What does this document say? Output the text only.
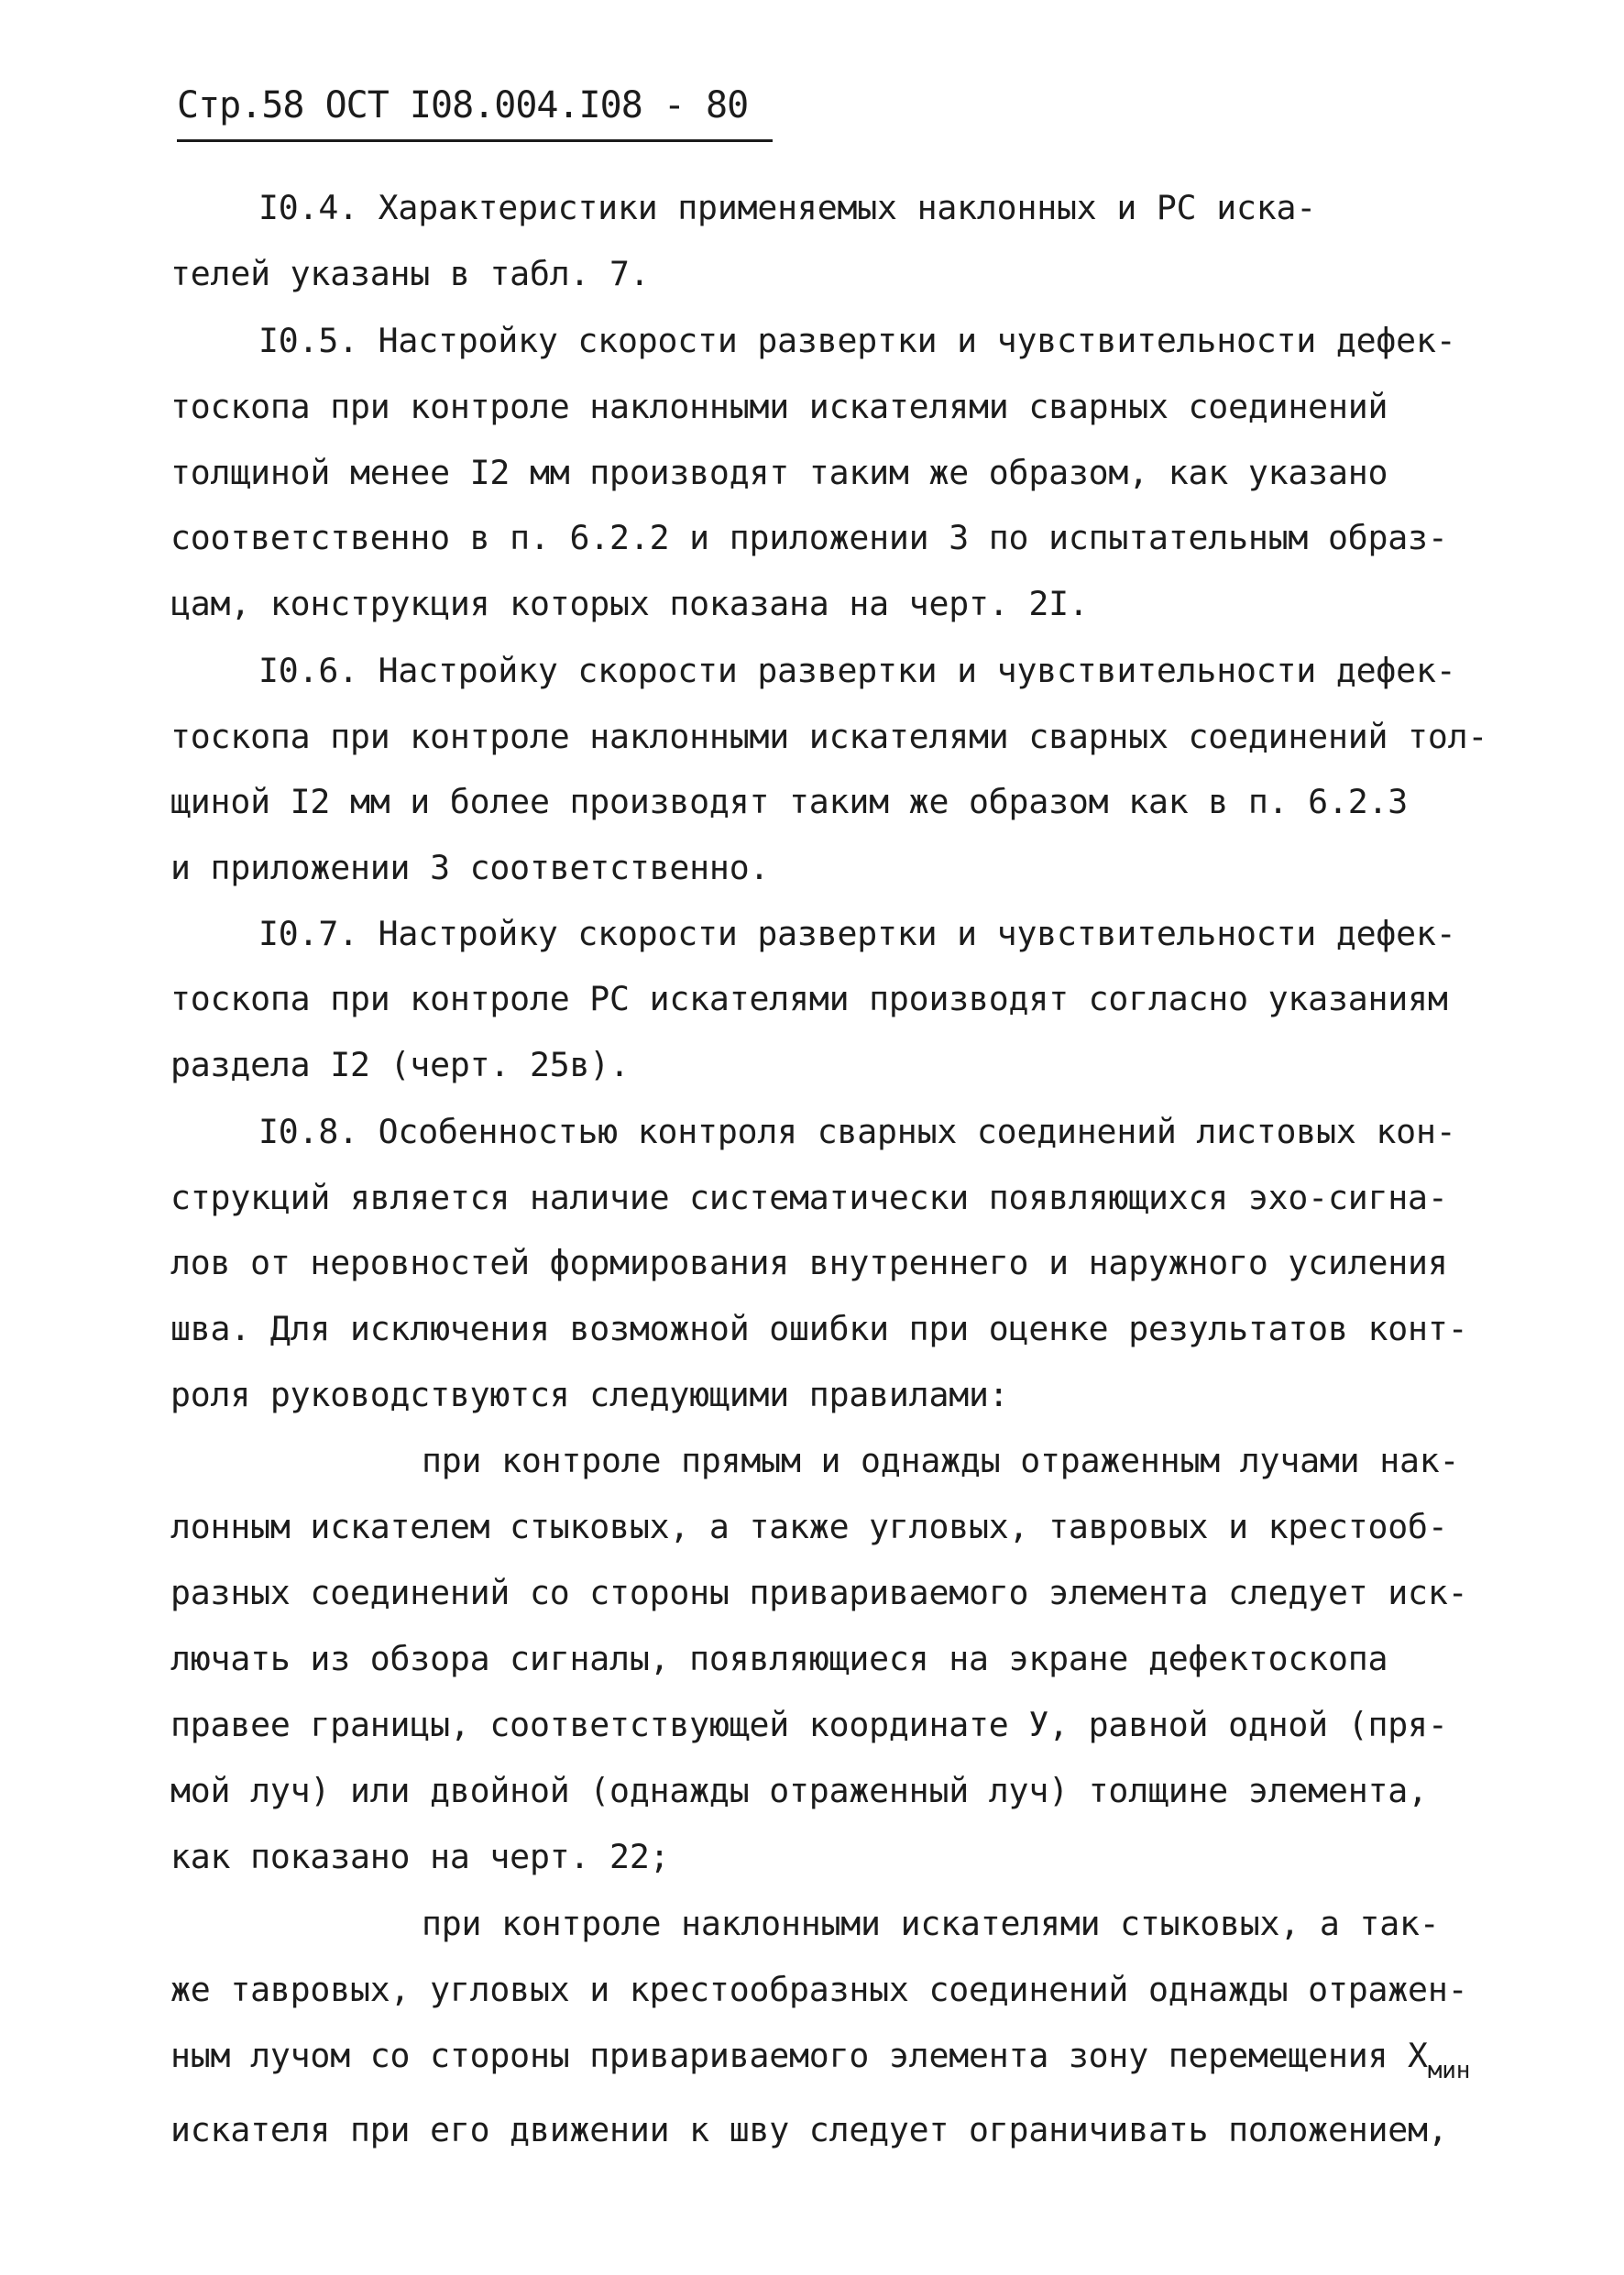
Стр.58 ОСТ І08.004.І08 - 80
І0.4. Характеристики применяемых наклонных и РС иска-
телей указаны в табл. 7.
І0.5. Настройку скорости развертки и чувствительности дефек-
тоскопа при контроле наклонными искателями сварных соединений
толщиной менее І2 мм производят таким же образом, как указано
соответственно в п. 6.2.2 и приложении 3 по испытательным образ-
цам, конструкция которых показана на черт. 2І.
І0.6. Настройку скорости развертки и чувствительности дефек-
тоскопа при контроле наклонными искателями сварных соединений тол-
щиной І2 мм и более производят таким же образом как в п. 6.2.3
и приложении 3 соответственно.
І0.7. Настройку скорости развертки и чувствительности дефек-
тоскопа при контроле РС искателями производят согласно указаниям
раздела І2 (черт. 25в).
І0.8. Особенностью контроля сварных соединений листовых кон-
струкций является наличие систематически появляющихся эхо-сигна-
лов от неровностей формирования внутреннего и наружного усиления
шва. Для исключения возможной ошибки при оценке результатов конт-
роля руководствуются следующими правилами:
при контроле прямым и однажды отраженным лучами нак-
лонным искателем стыковых, а также угловых, тавровых и крестооб-
разных соединений со стороны привариваемого элемента следует иск-
лючать из обзора сигналы, появляющиеся на экране дефектоскопа
правее границы, соответствующей координате У, равной одной (пря-
мой луч) или двойной (однажды отраженный луч) толщине элемента,
как показано на черт. 22;
при контроле наклонными искателями стыковых, а так-
же тавровых, угловых и крестообразных соединений однажды отражен-
ным лучом со стороны привариваемого элемента зону перемещения $X_{мин}$
искателя при его движении к шву следует ограничивать положением,
